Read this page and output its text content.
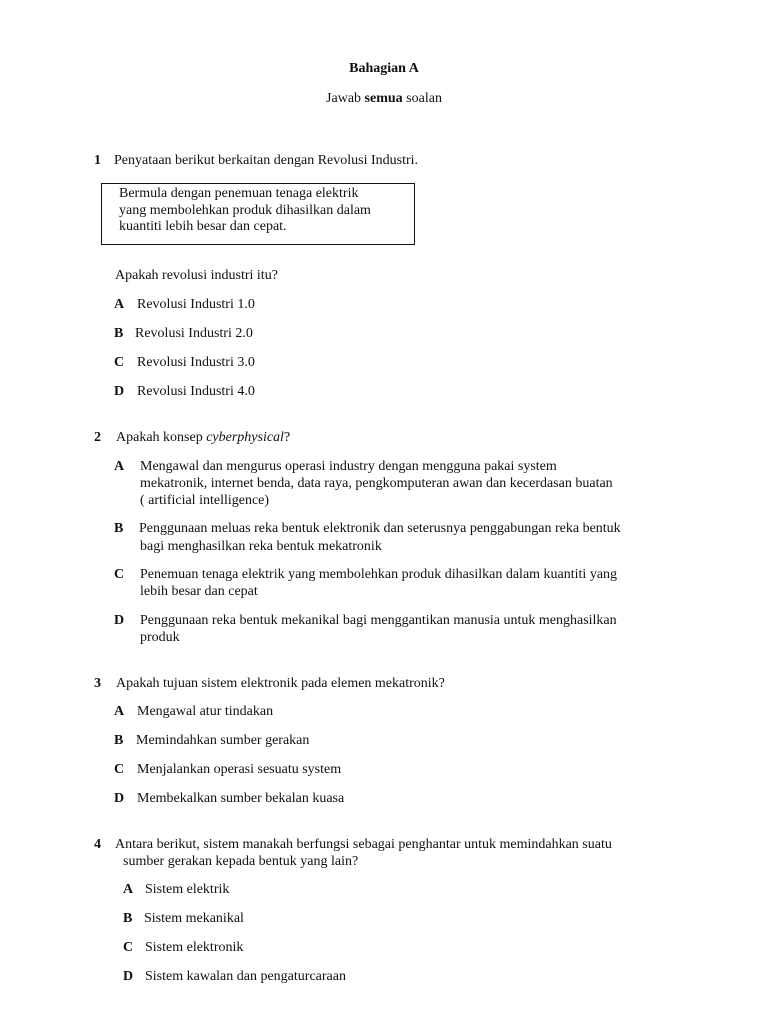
Bahagian A
Jawab semua soalan
1 Penyataan berikut berkaitan dengan Revolusi Industri.
Bermula dengan penemuan tenaga elektrik
yang membolehkan produk dihasilkan dalam
kuantiti lebih besar dan cepat.
Apakah revolusi industri itu?
A Revolusi Industri 1.0
B Revolusi Industri 2.0
C Revolusi Industri 3.0
D Revolusi Industri 4.0
2 Apakah konsep cyberphysical?
A Mengawal dan mengurus operasi industry dengan mengguna pakai system
mekatronik, internet benda, data raya, pengkomputeran awan dan kecerdasan buatan
( artificial intelligence)
B Penggunaan meluas reka bentuk elektronik dan seterusnya penggabungan reka bentuk
bagi menghasilkan reka bentuk mekatronik
C Penemuan tenaga elektrik yang membolehkan produk dihasilkan dalam kuantiti yang
lebih besar dan cepat
D Penggunaan reka bentuk mekanikal bagi menggantikan manusia untuk menghasilkan
produk
3 Apakah tujuan sistem elektronik pada elemen mekatronik?
A Mengawal atur tindakan
B Memindahkan sumber gerakan
C Menjalankan operasi sesuatu system
D Membekalkan sumber bekalan kuasa
4 Antara berikut, sistem manakah berfungsi sebagai penghantar untuk memindahkan suatu
sumber gerakan kepada bentuk yang lain?
A Sistem elektrik
B Sistem mekanikal
C Sistem elektronik
D Sistem kawalan dan pengaturcaraan
